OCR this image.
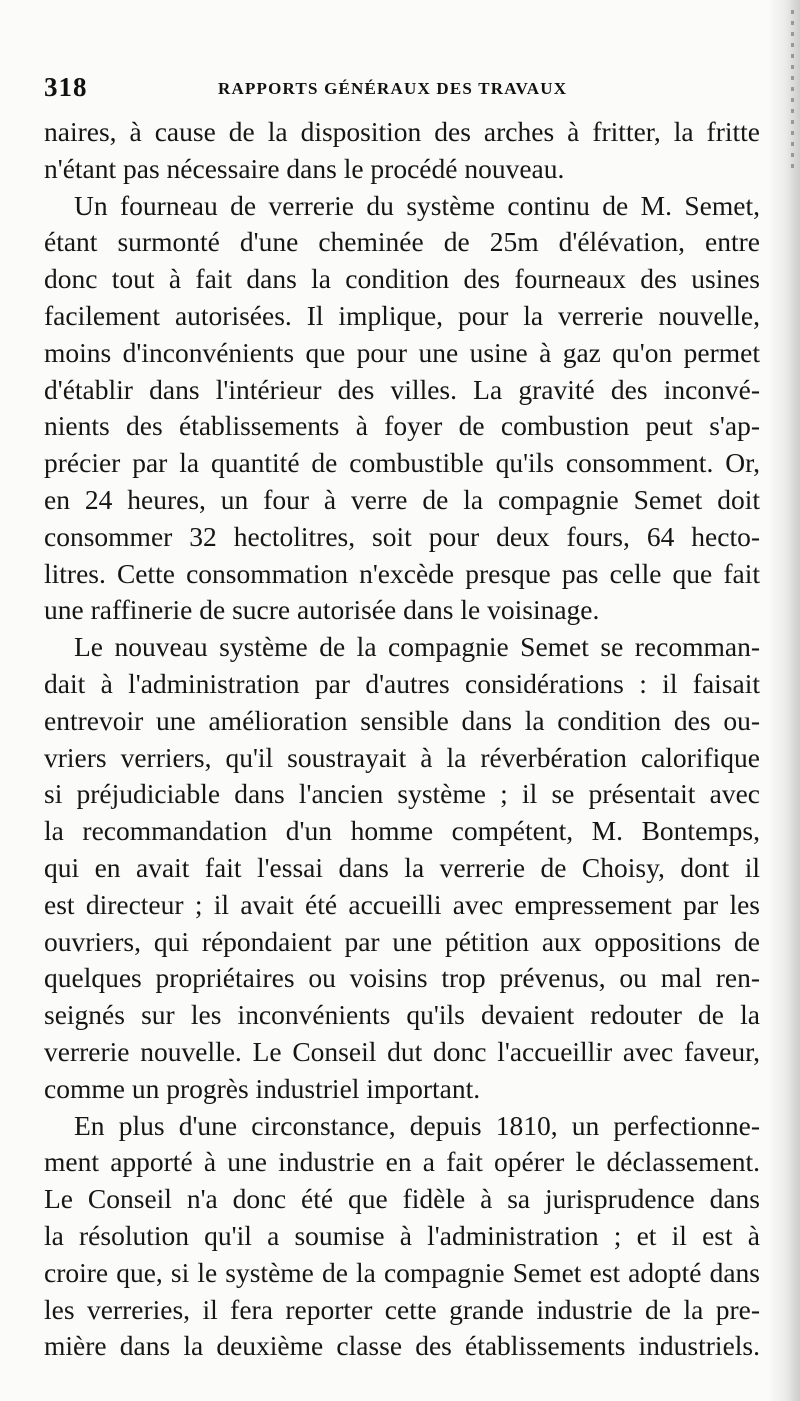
318	RAPPORTS GÉNÉRAUX DES TRAVAUX

naires, à cause de la disposition des arches à fritter, la fritte

n'étant pas nécessaire dans le procédé nouveau.

Un fourneau de verrerie du système continu de M. Semet,

étant surmonté d'une cheminée de 25m d'élévation, entre

donc tout à fait dans la condition des fourneaux des usines

facilement autorisées. Il implique, pour la verrerie nouvelle,

moins d'inconvénients que pour une usine à gaz qu'on permet

d'établir dans l'intérieur des villes. La gravité des inconvé-

nients des établissements à foyer de combustion peut s'ap-

précier par la quantité de combustible qu'ils consomment. Or,

en 24 heures, un four à verre de la compagnie Semet doit

consommer 32 hectolitres, soit pour deux fours, 64 hecto-

litres. Cette consommation n'excède presque pas celle que fait

une raffinerie de sucre autorisée dans le voisinage.

Le nouveau système de la compagnie Semet se recomman-

dait à l'administration par d'autres considérations : il faisait

entrevoir une amélioration sensible dans la condition des ou-

vriers verriers, qu'il soustrayait à la réverbération calorifique

si préjudiciable dans l'ancien système ; il se présentait avec

la recommandation d'un homme compétent, M. Bontemps,

qui en avait fait l'essai dans la verrerie de Choisy, dont il

est directeur ; il avait été accueilli avec empressement par les

ouvriers, qui répondaient par une pétition aux oppositions de

quelques propriétaires ou voisins trop prévenus, ou mal ren-

seignés sur les inconvénients qu'ils devaient redouter de la

verrerie nouvelle. Le Conseil dut donc l'accueillir avec faveur,

comme un progrès industriel important.

En plus d'une circonstance, depuis 1810, un perfectionne-

ment apporté à une industrie en a fait opérer le déclassement.

Le Conseil n'a donc été que fidèle à sa jurisprudence dans

la résolution qu'il a soumise à l'administration ; et il est à

croire que, si le système de la compagnie Semet est adopté dans

les verreries, il fera reporter cette grande industrie de la pre-

mière dans la deuxième classe des établissements industriels.
